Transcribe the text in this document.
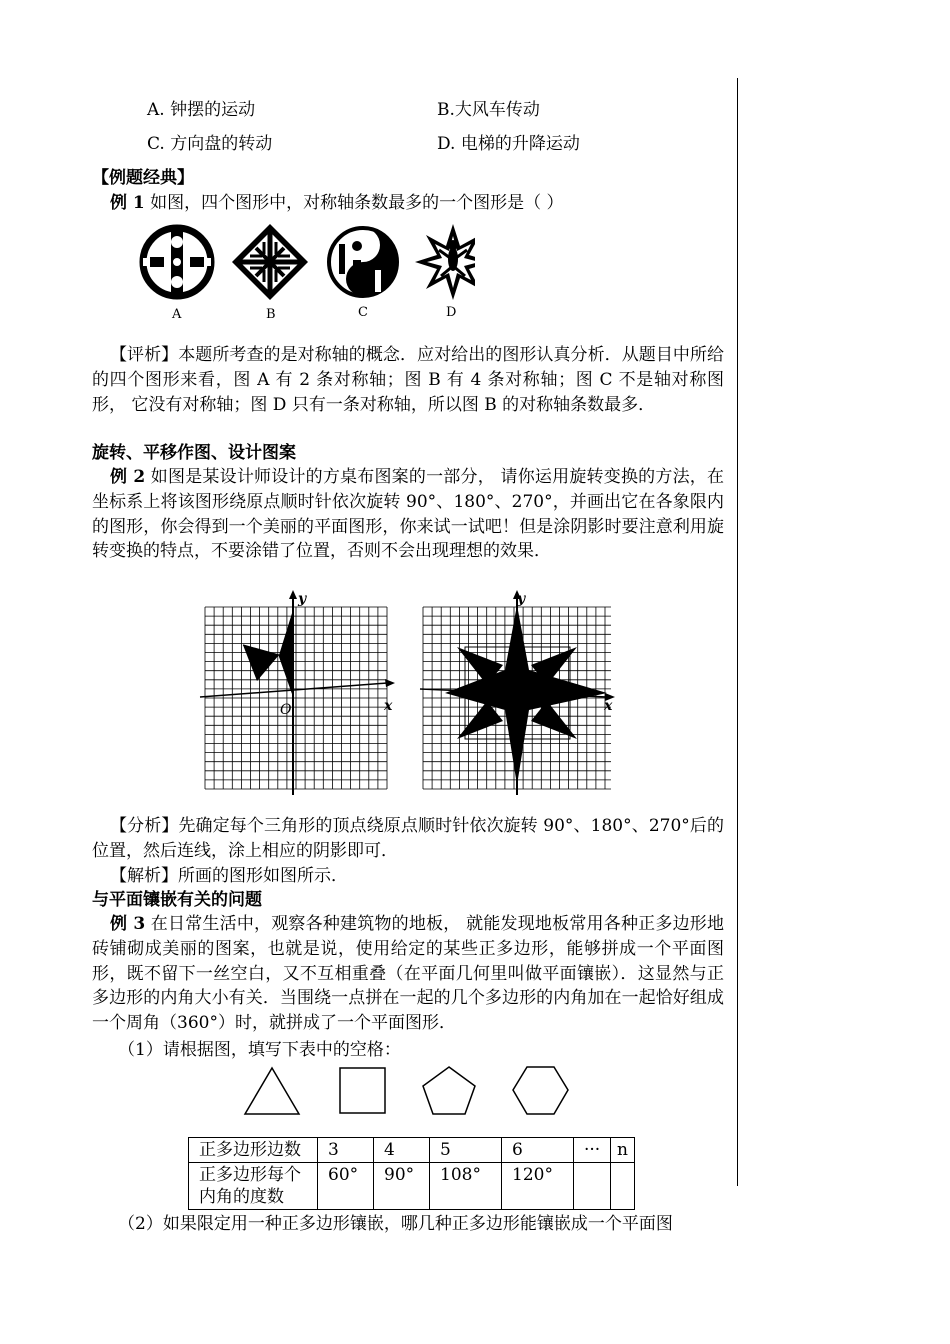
A. 钟摆的运动	B.大风车传动
C. 方向盘的转动	D. 电梯的升降运动
【例题经典】
例 1 如图，四个图形中，对称轴条数最多的一个图形是（ ）
A	B	C	D
【评析】本题所考查的是对称轴的概念．应对给出的图形认真分析．从题目中所给的四个图形来看，图 A 有 2 条对称轴；图 B 有 4 条对称轴；图 C 不是轴对称图形， 它没有对称轴；图 D 只有一条对称轴，所以图 B 的对称轴条数最多．
旋转、平移作图、设计图案
例 2 如图是某设计师设计的方桌布图案的一部分， 请你运用旋转变换的方法，在坐标系上将该图形绕原点顺时针依次旋转 90°、180°、270°，并画出它在各象限内的图形，你会得到一个美丽的平面图形，你来试一试吧！但是涂阴影时要注意利用旋转变换的特点，不要涂错了位置，否则不会出现理想的效果．
y
x
O
y
x
【分析】先确定每个三角形的顶点绕原点顺时针依次旋转 90°、180°、270°后的位置，然后连线，涂上相应的阴影即可．
【解析】所画的图形如图所示．
与平面镶嵌有关的问题
例 3 在日常生活中，观察各种建筑物的地板， 就能发现地板常用各种正多边形地砖铺砌成美丽的图案，也就是说，使用给定的某些正多边形，能够拼成一个平面图形，既不留下一丝空白，又不互相重叠（在平面几何里叫做平面镶嵌）．这显然与正多边形的内角大小有关．当围绕一点拼在一起的几个多边形的内角加在一起恰好组成一个周角（360°）时，就拼成了一个平面图形．
（1）请根据图，填写下表中的空格：
正多边形边数	3	4	5	6	···	n
正多边形每个
内角的度数	60°	90°	108°	120°		
（2）如果限定用一种正多边形镶嵌，哪几种正多边形能镶嵌成一个平面图
